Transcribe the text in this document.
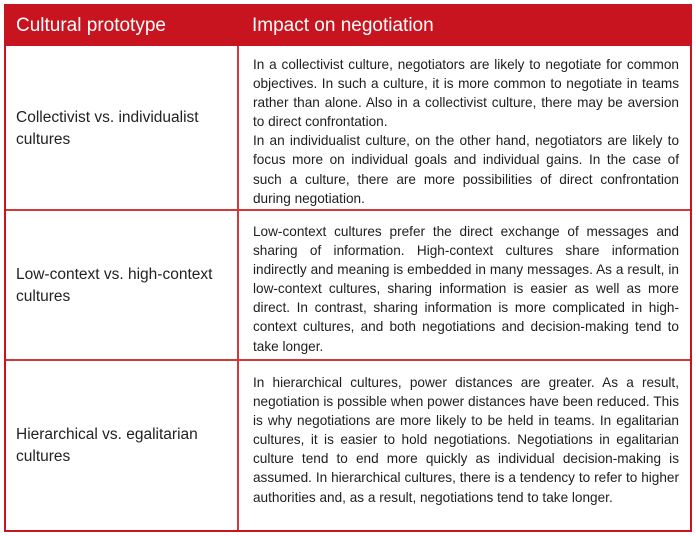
Cultural prototype	Impact on negotiation
Collectivist vs. individualist cultures

In a collectivist culture, negotiators are likely to negotiate for common objectives. In such a culture, it is more common to negotiate in teams rather than alone. Also in a collectivist culture, there may be aversion to direct confrontation.

In an individualist culture, on the other hand, negotiators are likely to focus more on individual goals and individual gains. In the case of such a culture, there are more possibilities of direct confrontation during negotiation.

Low-context vs. high-context cultures

Low-context cultures prefer the direct exchange of messages and sharing of information. High-context cultures share information indirectly and meaning is embedded in many messages. As a result, in low-context cultures, sharing information is easier as well as more direct. In contrast, sharing information is more complicated in high-context cultures, and both negotiations and decision-making tend to take longer.

Hierarchical vs. egalitarian cultures

In hierarchical cultures, power distances are greater. As a result, negotiation is possible when power distances have been reduced. This is why negotiations are more likely to be held in teams. In egalitarian cultures, it is easier to hold negotiations. Negotiations in egalitarian culture tend to end more quickly as individual decision-making is assumed. In hierarchical cultures, there is a tendency to refer to higher authorities and, as a result, negotiations tend to take longer.
